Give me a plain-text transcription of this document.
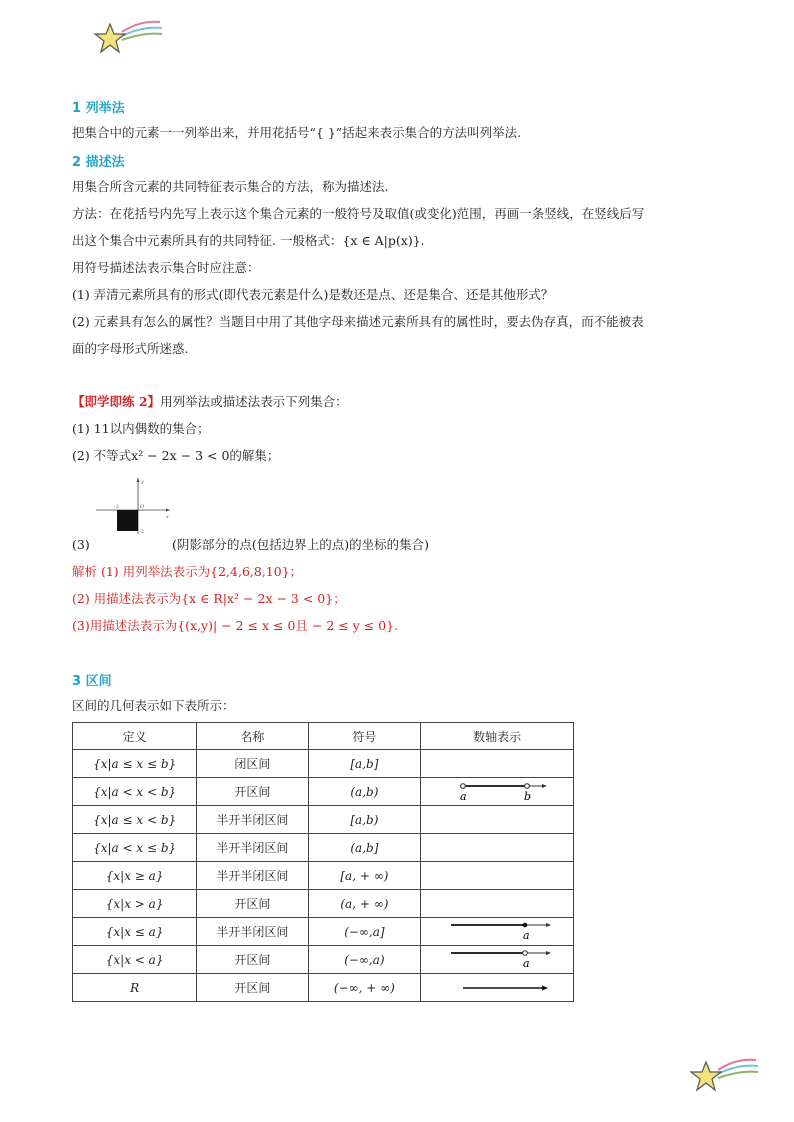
1 列举法
把集合中的元素一一列举出来，并用花括号“{ }”括起来表示集合的方法叫列举法.
2 描述法
用集合所含元素的共同特征表示集合的方法，称为描述法.
方法：在花括号内先写上表示这个集合元素的一般符号及取值(或变化)范围，再画一条竖线，在竖线后写
出这个集合中元素所具有的共同特征. 一般格式：{x ∈ A|p(x)}.
用符号描述法表示集合时应注意：
(1) 弄清元素所具有的形式(即代表元素是什么)是数还是点、还是集合、还是其他形式？
(2) 元素具有怎么的属性？当题目中用了其他字母来描述元素所具有的属性时，要去伪存真，而不能被表
面的字母形式所迷惑.
【即学即练 2】用列举法或描述法表示下列集合：
(1) 11以内偶数的集合；
(2) 不等式x² − 2x − 3 < 0的解集；
y
x
O
-2
-2
(3)	(阴影部分的点(包括边界上的点)的坐标的集合)
解析 (1) 用列举法表示为{2,4,6,8,10}；
(2) 用描述法表示为{x ∈ R|x² − 2x − 3 < 0}；
(3)用描述法表示为{(x,y)| − 2 ≤ x ≤ 0且 − 2 ≤ y ≤ 0}.
3 区间
区间的几何表示如下表所示：
定义	名称	符号	数轴表示
{x|a ≤ x ≤ b}	闭区间	[a,b]	
{x|a < x < b}	开区间	(a,b)	a b

{x|a ≤ x < b}	半开半闭区间	[a,b)	
{x|a < x ≤ b}	半开半闭区间	(a,b]	
{x|x ≥ a}	半开半闭区间	[a, + ∞)	
{x|x > a}	开区间	(a, + ∞)	
{x|x ≤ a}	半开半闭区间	(−∞,a]	a

{x|x < a}	开区间	(−∞,a)	a

R	开区间	(−∞, + ∞)	
